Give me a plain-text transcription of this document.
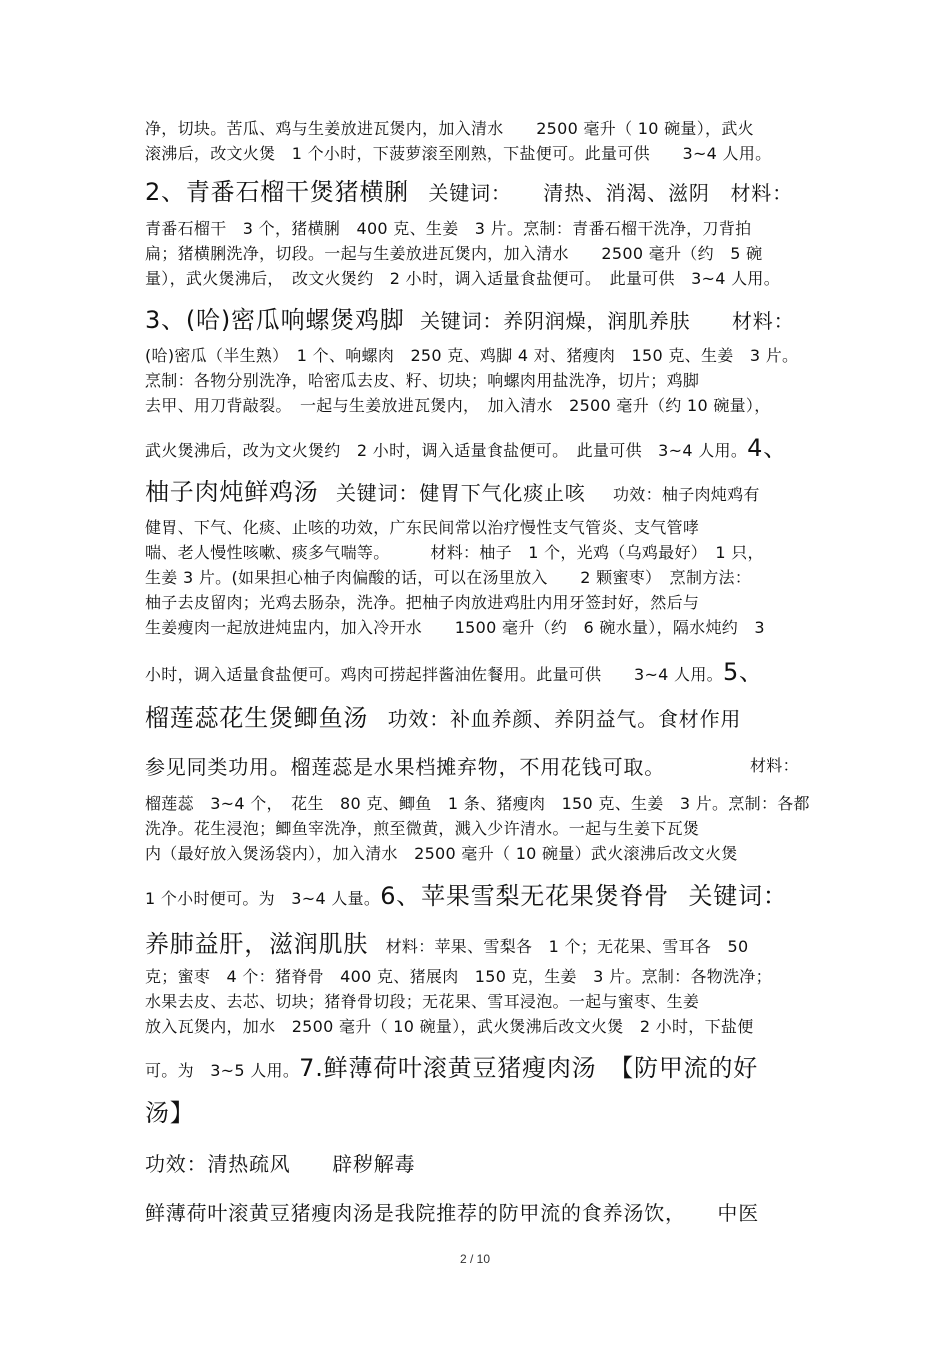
净，切块。苦瓜、鸡与生姜放进瓦煲内，加入清水　　2500 毫升（ 10 碗量），武火
滚沸后，改文火煲　1 个小时，下菠萝滚至刚熟，下盐便可。此量可供　　3~4 人用。
2、青番石榴干煲猪横脷 关键词：　　清热、消渴、滋阴　材料：
青番石榴干　3 个，猪横脷　400 克、生姜　3 片。烹制：青番石榴干洗净，刀背拍
扁；猪横脷洗净，切段。一起与生姜放进瓦煲内，加入清水　　2500 毫升（约　5 碗
量），武火煲沸后，　改文火煲约　2 小时，调入适量食盐便可。　此量可供　3~4 人用。
3、(哈)密瓜响螺煲鸡脚 关键词：养阴润燥，润肌养肤　　材料：
(哈)密瓜（半生熟）　1 个、响螺肉　250 克、鸡脚 4 对、猪瘦肉　150 克、生姜　3 片。
烹制：各物分别洗净，哈密瓜去皮、籽、切块；响螺肉用盐洗净，切片；鸡脚
去甲、用刀背敲裂。　一起与生姜放进瓦煲内，　加入清水　2500 毫升（约 10 碗量），
武火煲沸后，改为文火煲约　2 小时，调入适量食盐便可。　此量可供　3~4 人用。4、
柚子肉炖鲜鸡汤 关键词：健胃下气化痰止咳 功效：柚子肉炖鸡有
健胃、下气、化痰、止咳的功效，广东民间常以治疗慢性支气管炎、支气管哮
喘、老人慢性咳嗽、痰多气喘等。　　　材料：柚子　1 个，光鸡（乌鸡最好）　1 只，
生姜 3 片。(如果担心柚子肉偏酸的话，可以在汤里放入　　2 颗蜜枣）　烹制方法：
柚子去皮留肉；光鸡去肠杂，洗净。把柚子肉放进鸡肚内用牙签封好，然后与
生姜瘦肉一起放进炖盅内，加入冷开水　　1500 毫升（约　6 碗水量），隔水炖约　3
小时，调入适量食盐便可。鸡肉可捞起拌酱油佐餐用。此量可供　　3~4 人用。5、
榴莲蕊花生煲鲫鱼汤 功效：补血养颜、养阴益气。食材作用
参见同类功用。榴莲蕊是水果档摊弃物，不用花钱可取。	材料：
榴莲蕊　3~4 个，　花生　80 克、鲫鱼　1 条、猪瘦肉　150 克、生姜　3 片。烹制：各都
洗净。花生浸泡；鲫鱼宰洗净，煎至微黄，溅入少许清水。一起与生姜下瓦煲
内（最好放入煲汤袋内），加入清水　2500 毫升（ 10 碗量）武火滚沸后改文火煲
1 个小时便可。为　3~4 人量。6、苹果雪梨无花果煲脊骨 关键词：
养肺益肝，滋润肌肤 材料：苹果、雪梨各　1 个；无花果、雪耳各　50
克；蜜枣　4 个：猪脊骨　400 克、猪展肉　150 克，生姜　3 片。烹制：各物洗净；
水果去皮、去芯、切块；猪脊骨切段；无花果、雪耳浸泡。一起与蜜枣、生姜
放入瓦煲内，加水　2500 毫升（ 10 碗量），武火煲沸后改文火煲　2 小时，下盐便
可。为　3~5 人用。7.鲜薄荷叶滚黄豆猪瘦肉汤　【防甲流的好
汤】
功效：清热疏风　　辟秽解毒
鲜薄荷叶滚黄豆猪瘦肉汤是我院推荐的防甲流的食养汤饮，　　中医
2 / 10
